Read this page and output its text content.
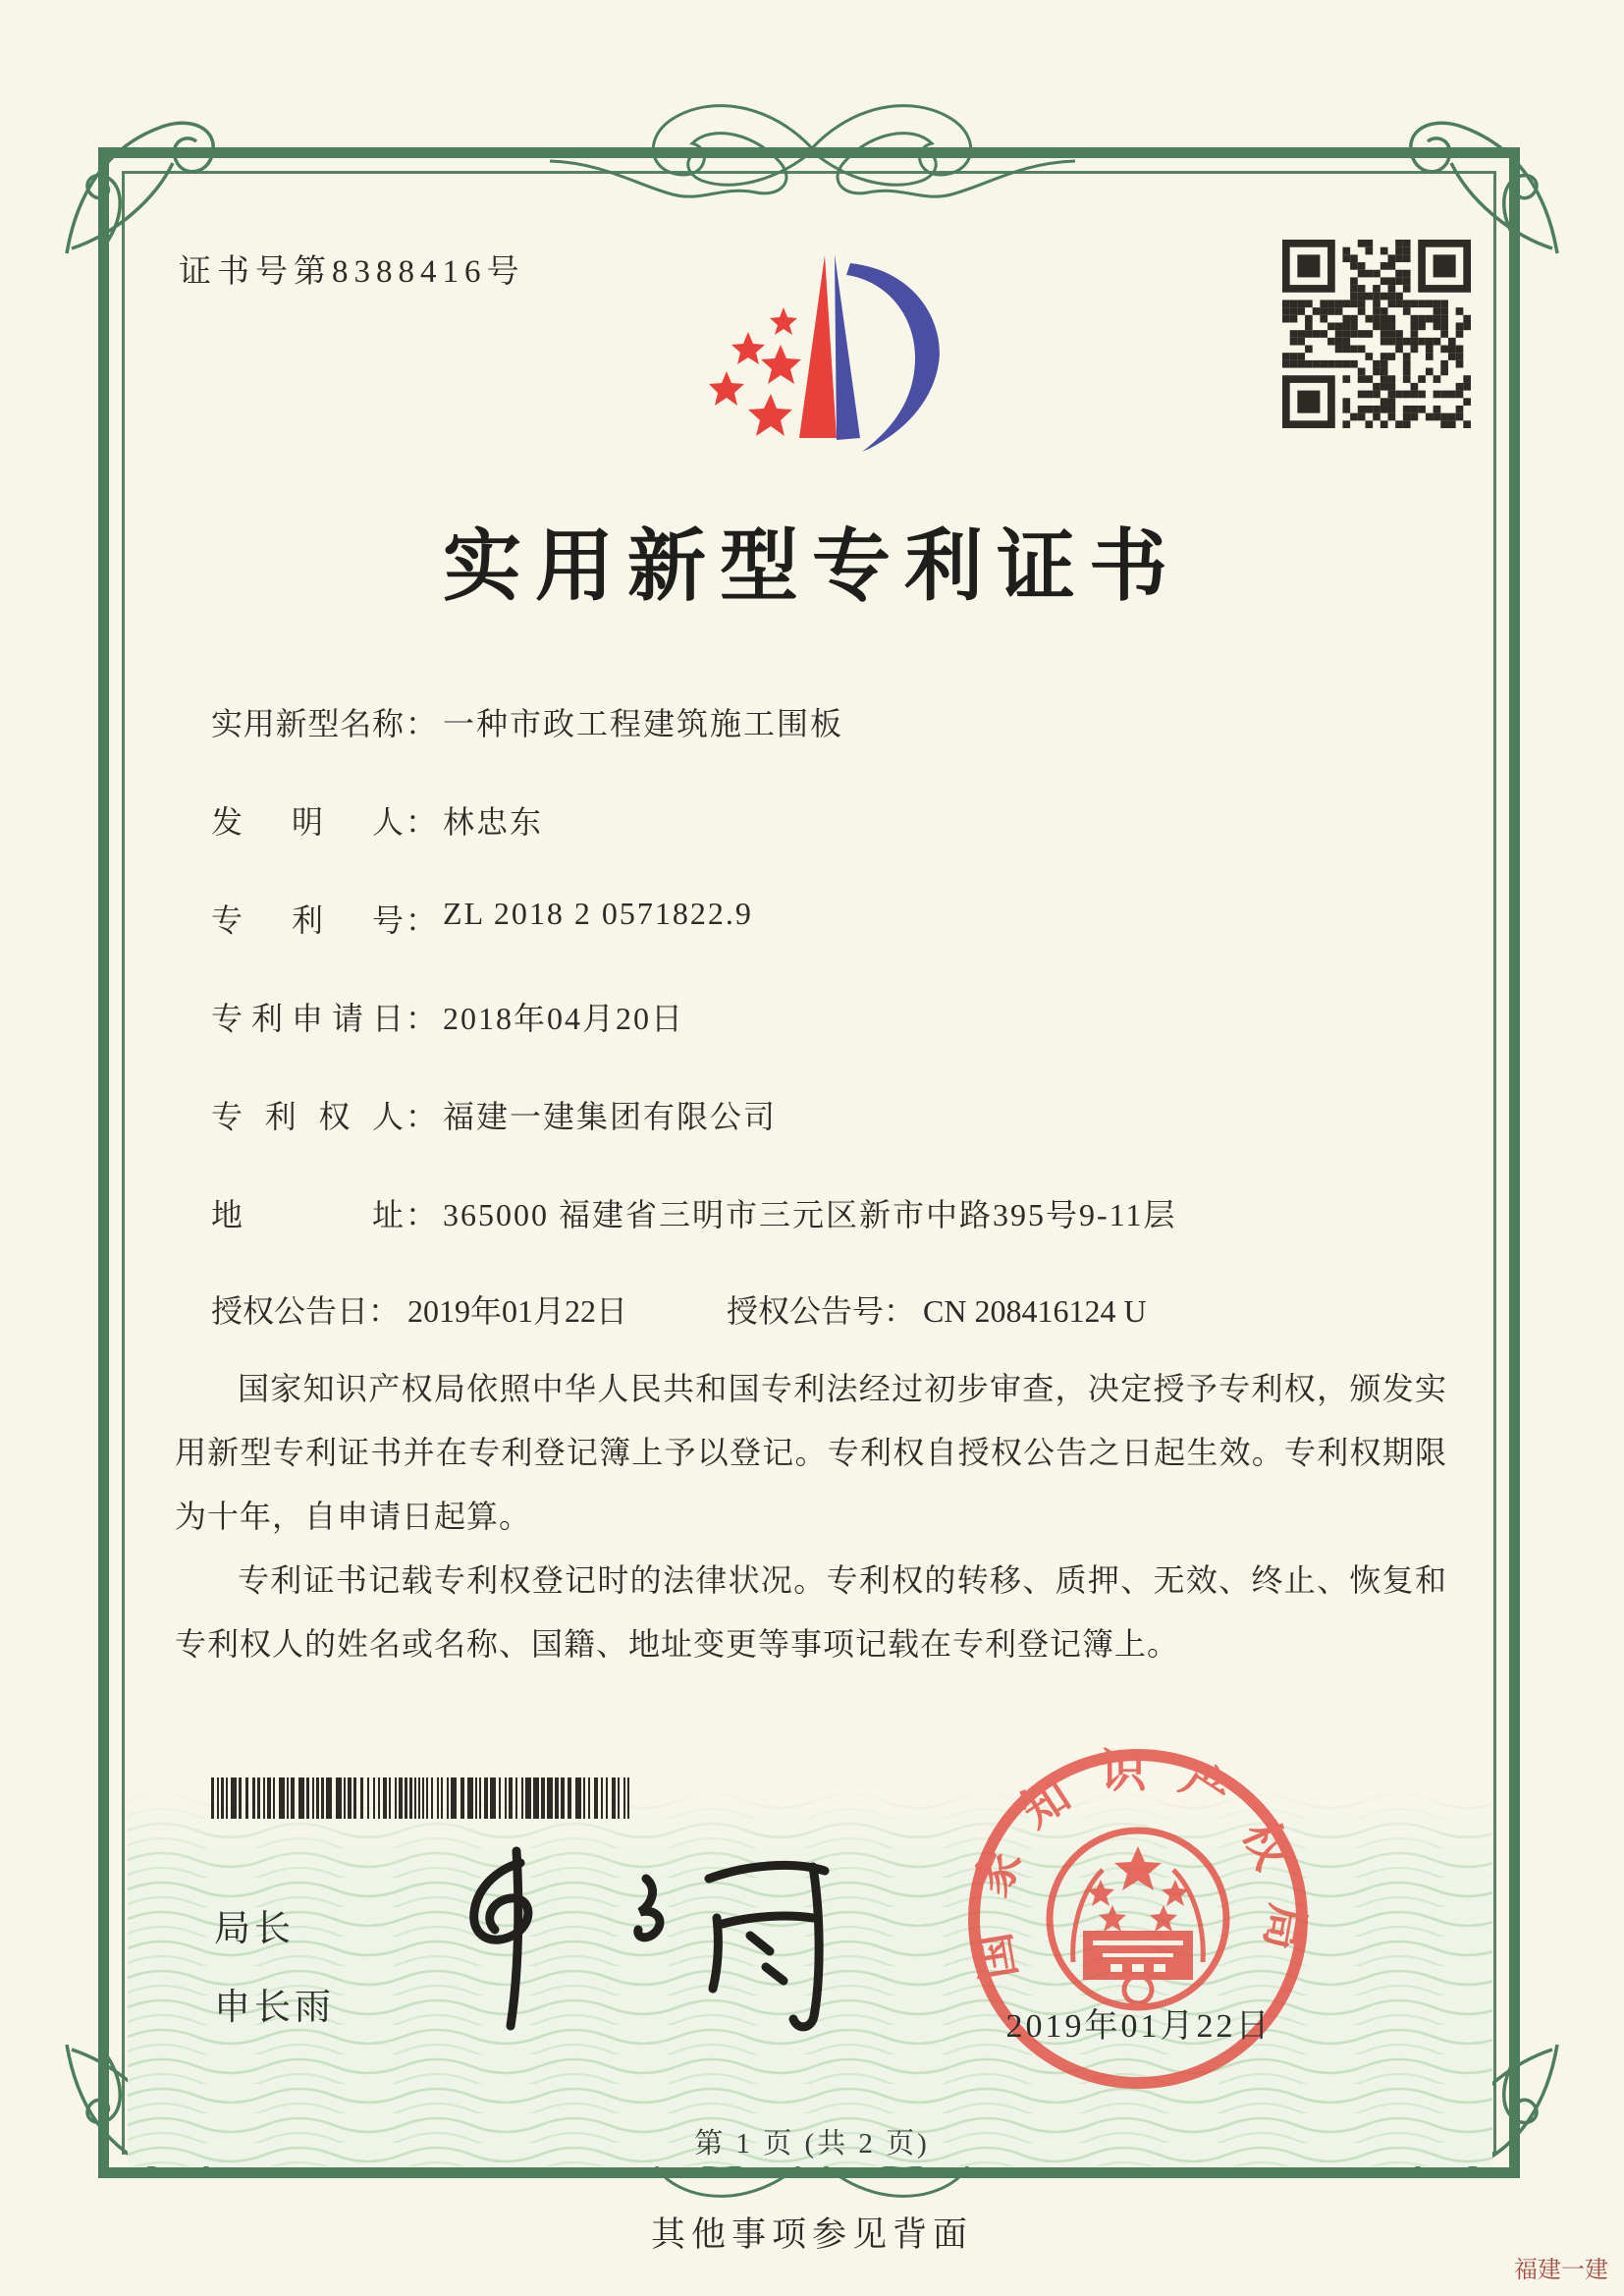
证书号第8388416号
实用新型专利证书
实用新型名称 ： 一种市政工程建筑施工围板
发明人 ： 林忠东
专利号 ： ZL 2018 2 0571822.9
专利申请日 ： 2018年04月20日
专利权人 ： 福建一建集团有限公司
地址 ： 365000 福建省三明市三元区新市中路395号9-11层
授权公告日： 2019年01月22日	授权公告号： CN 208416124 U

国家知识产权局依照中华人民共和国专利法经过初步审查，决定授予专利权，颁发实用新型专利证书并在专利登记簿上予以登记。专利权自授权公告之日起生效。专利权期限为十年，自申请日起算。

专利证书记载专利权登记时的法律状况。专利权的转移、质押、无效、终止、恢复和专利权人的姓名或名称、国籍、地址变更等事项记载在专利登记簿上。

局长
申长雨
国家知识产权局
2019年01月22日
第 1 页 (共 2 页)
其他事项参见背面
福建一建
